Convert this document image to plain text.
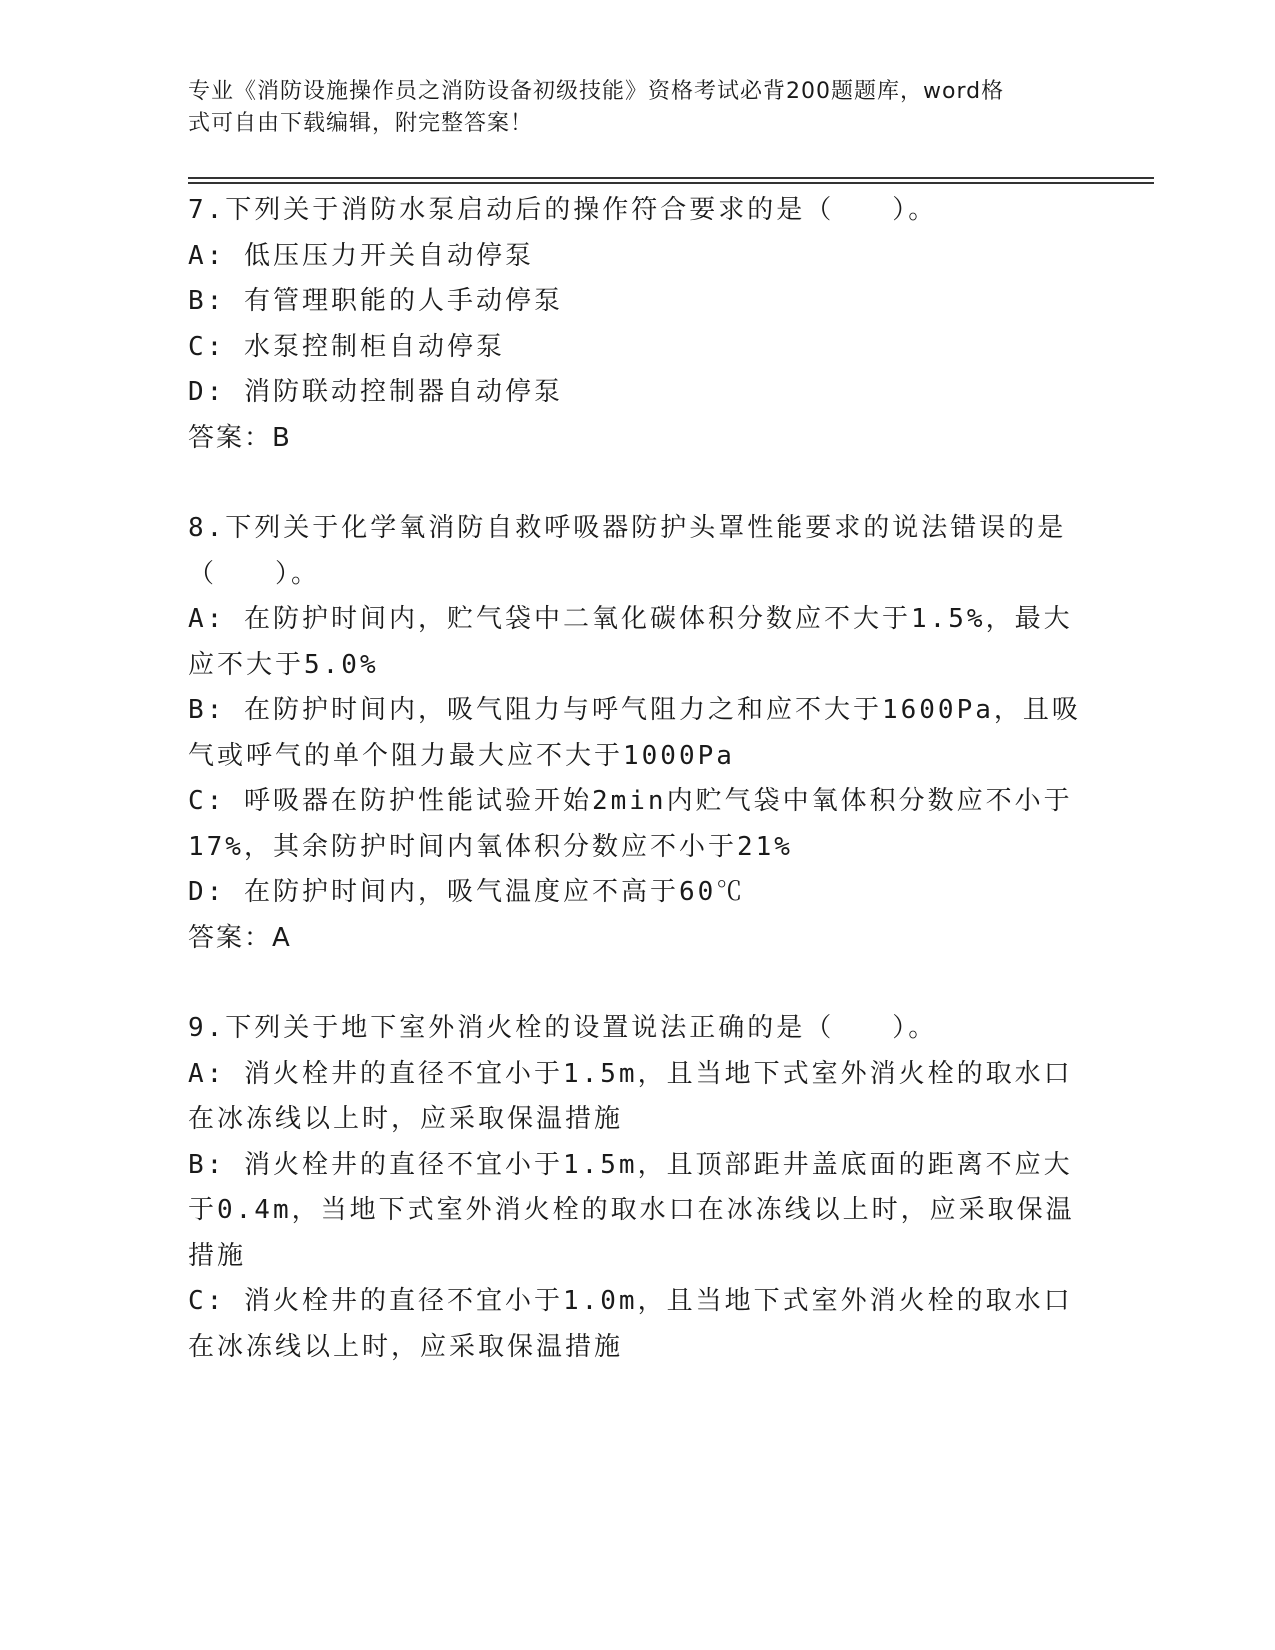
专业《消防设施操作员之消防设备初级技能》资格考试必背200题题库，word格
式可自由下载编辑，附完整答案！

7.下列关于消防水泵启动后的操作符合要求的是（　　）。

A: 低压压力开关自动停泵

B: 有管理职能的人手动停泵

C: 水泵控制柜自动停泵

D: 消防联动控制器自动停泵

答案：B

8.下列关于化学氧消防自救呼吸器防护头罩性能要求的说法错误的是（　　）。

A: 在防护时间内，贮气袋中二氧化碳体积分数应不大于1.5%，最大应不大于5.0%

B: 在防护时间内，吸气阻力与呼气阻力之和应不大于1600Pa，且吸气或呼气的单个阻力最大应不大于1000Pa

C: 呼吸器在防护性能试验开始2min内贮气袋中氧体积分数应不小于17%，其余防护时间内氧体积分数应不小于21%

D: 在防护时间内，吸气温度应不高于60℃

答案：A

9.下列关于地下室外消火栓的设置说法正确的是（　　）。

A: 消火栓井的直径不宜小于1.5m，且当地下式室外消火栓的取水口在冰冻线以上时，应采取保温措施

B: 消火栓井的直径不宜小于1.5m，且顶部距井盖底面的距离不应大于0.4m，当地下式室外消火栓的取水口在冰冻线以上时，应采取保温措施

C: 消火栓井的直径不宜小于1.0m，且当地下式室外消火栓的取水口在冰冻线以上时，应采取保温措施
